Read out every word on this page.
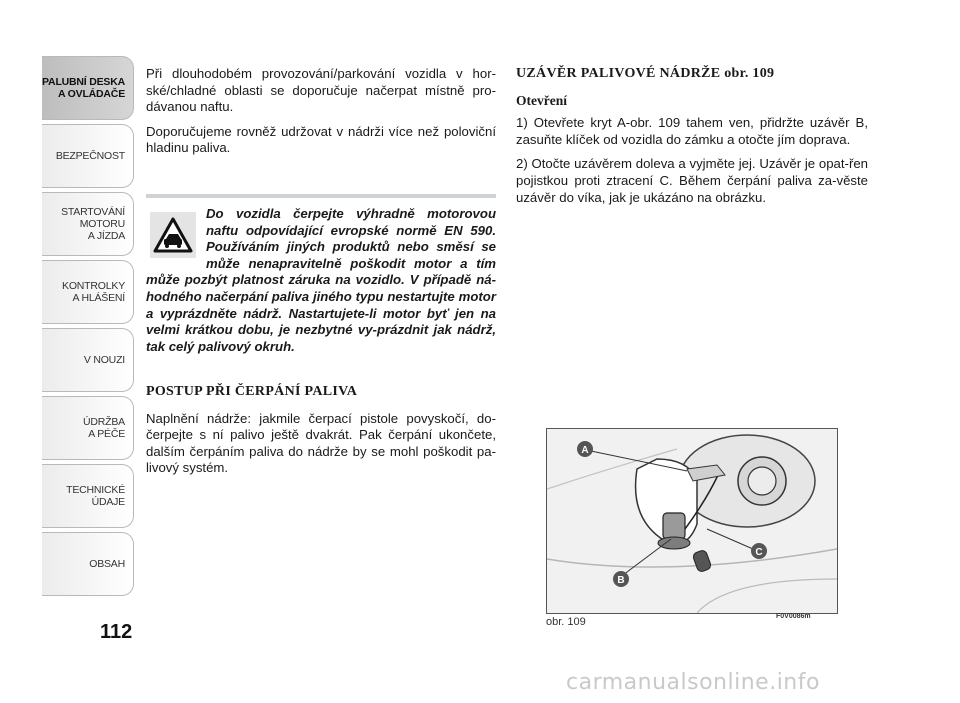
PALUBNÍ DESKA
A OVLÁDAČE
BEZPEČNOST
STARTOVÁNÍ
MOTORU
A JÍZDA
KONTROLKY
A HLÁŠENÍ
V NOUZI
ÚDRŽBA
A PÉČE
TECHNICKÉ
ÚDAJE
OBSAH
112

Při dlouhodobém provozování/parkování vozidla v hor-ské/chladné oblasti se doporučuje načerpat místně pro-dávanou naftu.

Doporučujeme rovněž udržovat v nádrži více než poloviční hladinu paliva.

Do vozidla čerpejte výhradně motorovou naftu odpovídající evropské normě EN 590. Používáním jiných produktů nebo směsí se může nenapravitelně poškodit motor a tím může pozbýt platnost záruka na vozidlo. V případě ná-hodného načerpání paliva jiného typu nestartujte motor a vyprázdněte nádrž. Nastartujete-li motor byť jen na velmi krátkou dobu, je nezbytné vy-prázdnit jak nádrž, tak celý palivový okruh.
POSTUP PŘI ČERPÁNÍ PALIVA

Naplnění nádrže: jakmile čerpací pistole povyskočí, do-čerpejte s ní palivo ještě dvakrát. Pak čerpání ukončete, dalším čerpáním paliva do nádrže by se mohl poškodit pa-livový systém.

UZÁVĚR PALIVOVÉ NÁDRŽE obr. 109
Otevření

1) Otevřete kryt A-obr. 109 tahem ven, přidržte uzávěr B, zasuňte klíček od vozidla do zámku a otočte jím doprava.

2) Otočte uzávěrem doleva a vyjměte jej. Uzávěr je opat-řen pojistkou proti ztracení C. Během čerpání paliva za-věste uzávěr do víka, jak je ukázáno na obrázku.

A
B
C
obr. 109	F0V0086m
carmanualsonline.info
